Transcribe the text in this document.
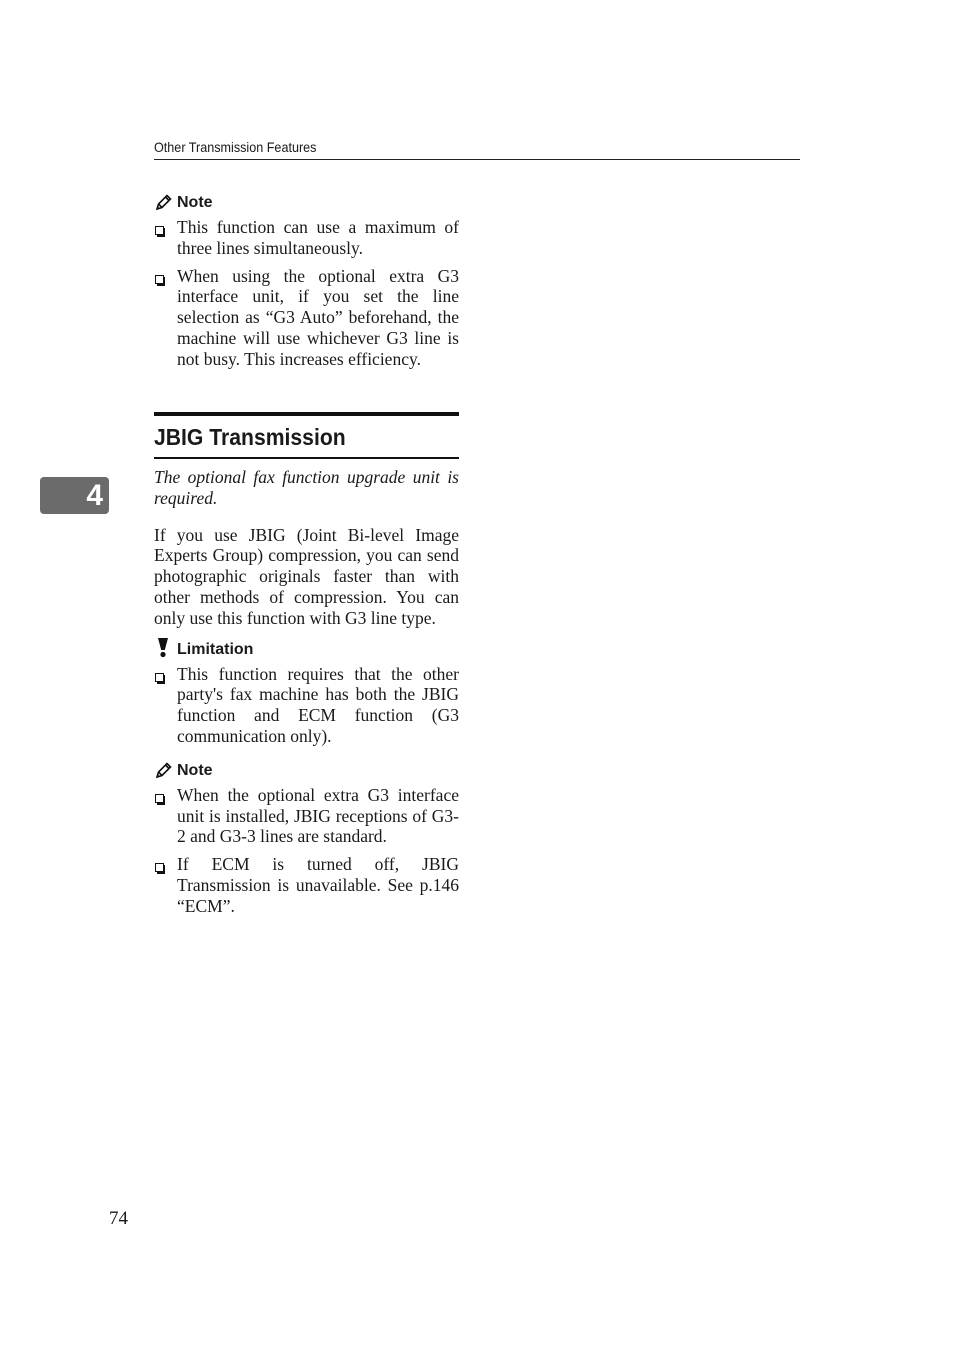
Other Transmission Features
Note
This function can use a maximum of three lines simultaneously.
When using the optional extra G3 interface unit, if you set the line selection as “G3 Auto” beforehand, the machine will use whichever G3 line is not busy. This increases efficiency.
JBIG Transmission
4
The optional fax function upgrade unit is required.
If you use JBIG (Joint Bi-level Image Experts Group) compression, you can send photographic originals faster than with other methods of compression. You can only use this function with G3 line type.
Limitation
This function requires that the other party's fax machine has both the JBIG function and ECM function (G3 communication only).
Note
When the optional extra G3 interface unit is installed, JBIG receptions of G3-2 and G3-3 lines are standard.
If ECM is turned off, JBIG Transmission is unavailable. See p.146 “ECM”.
74
